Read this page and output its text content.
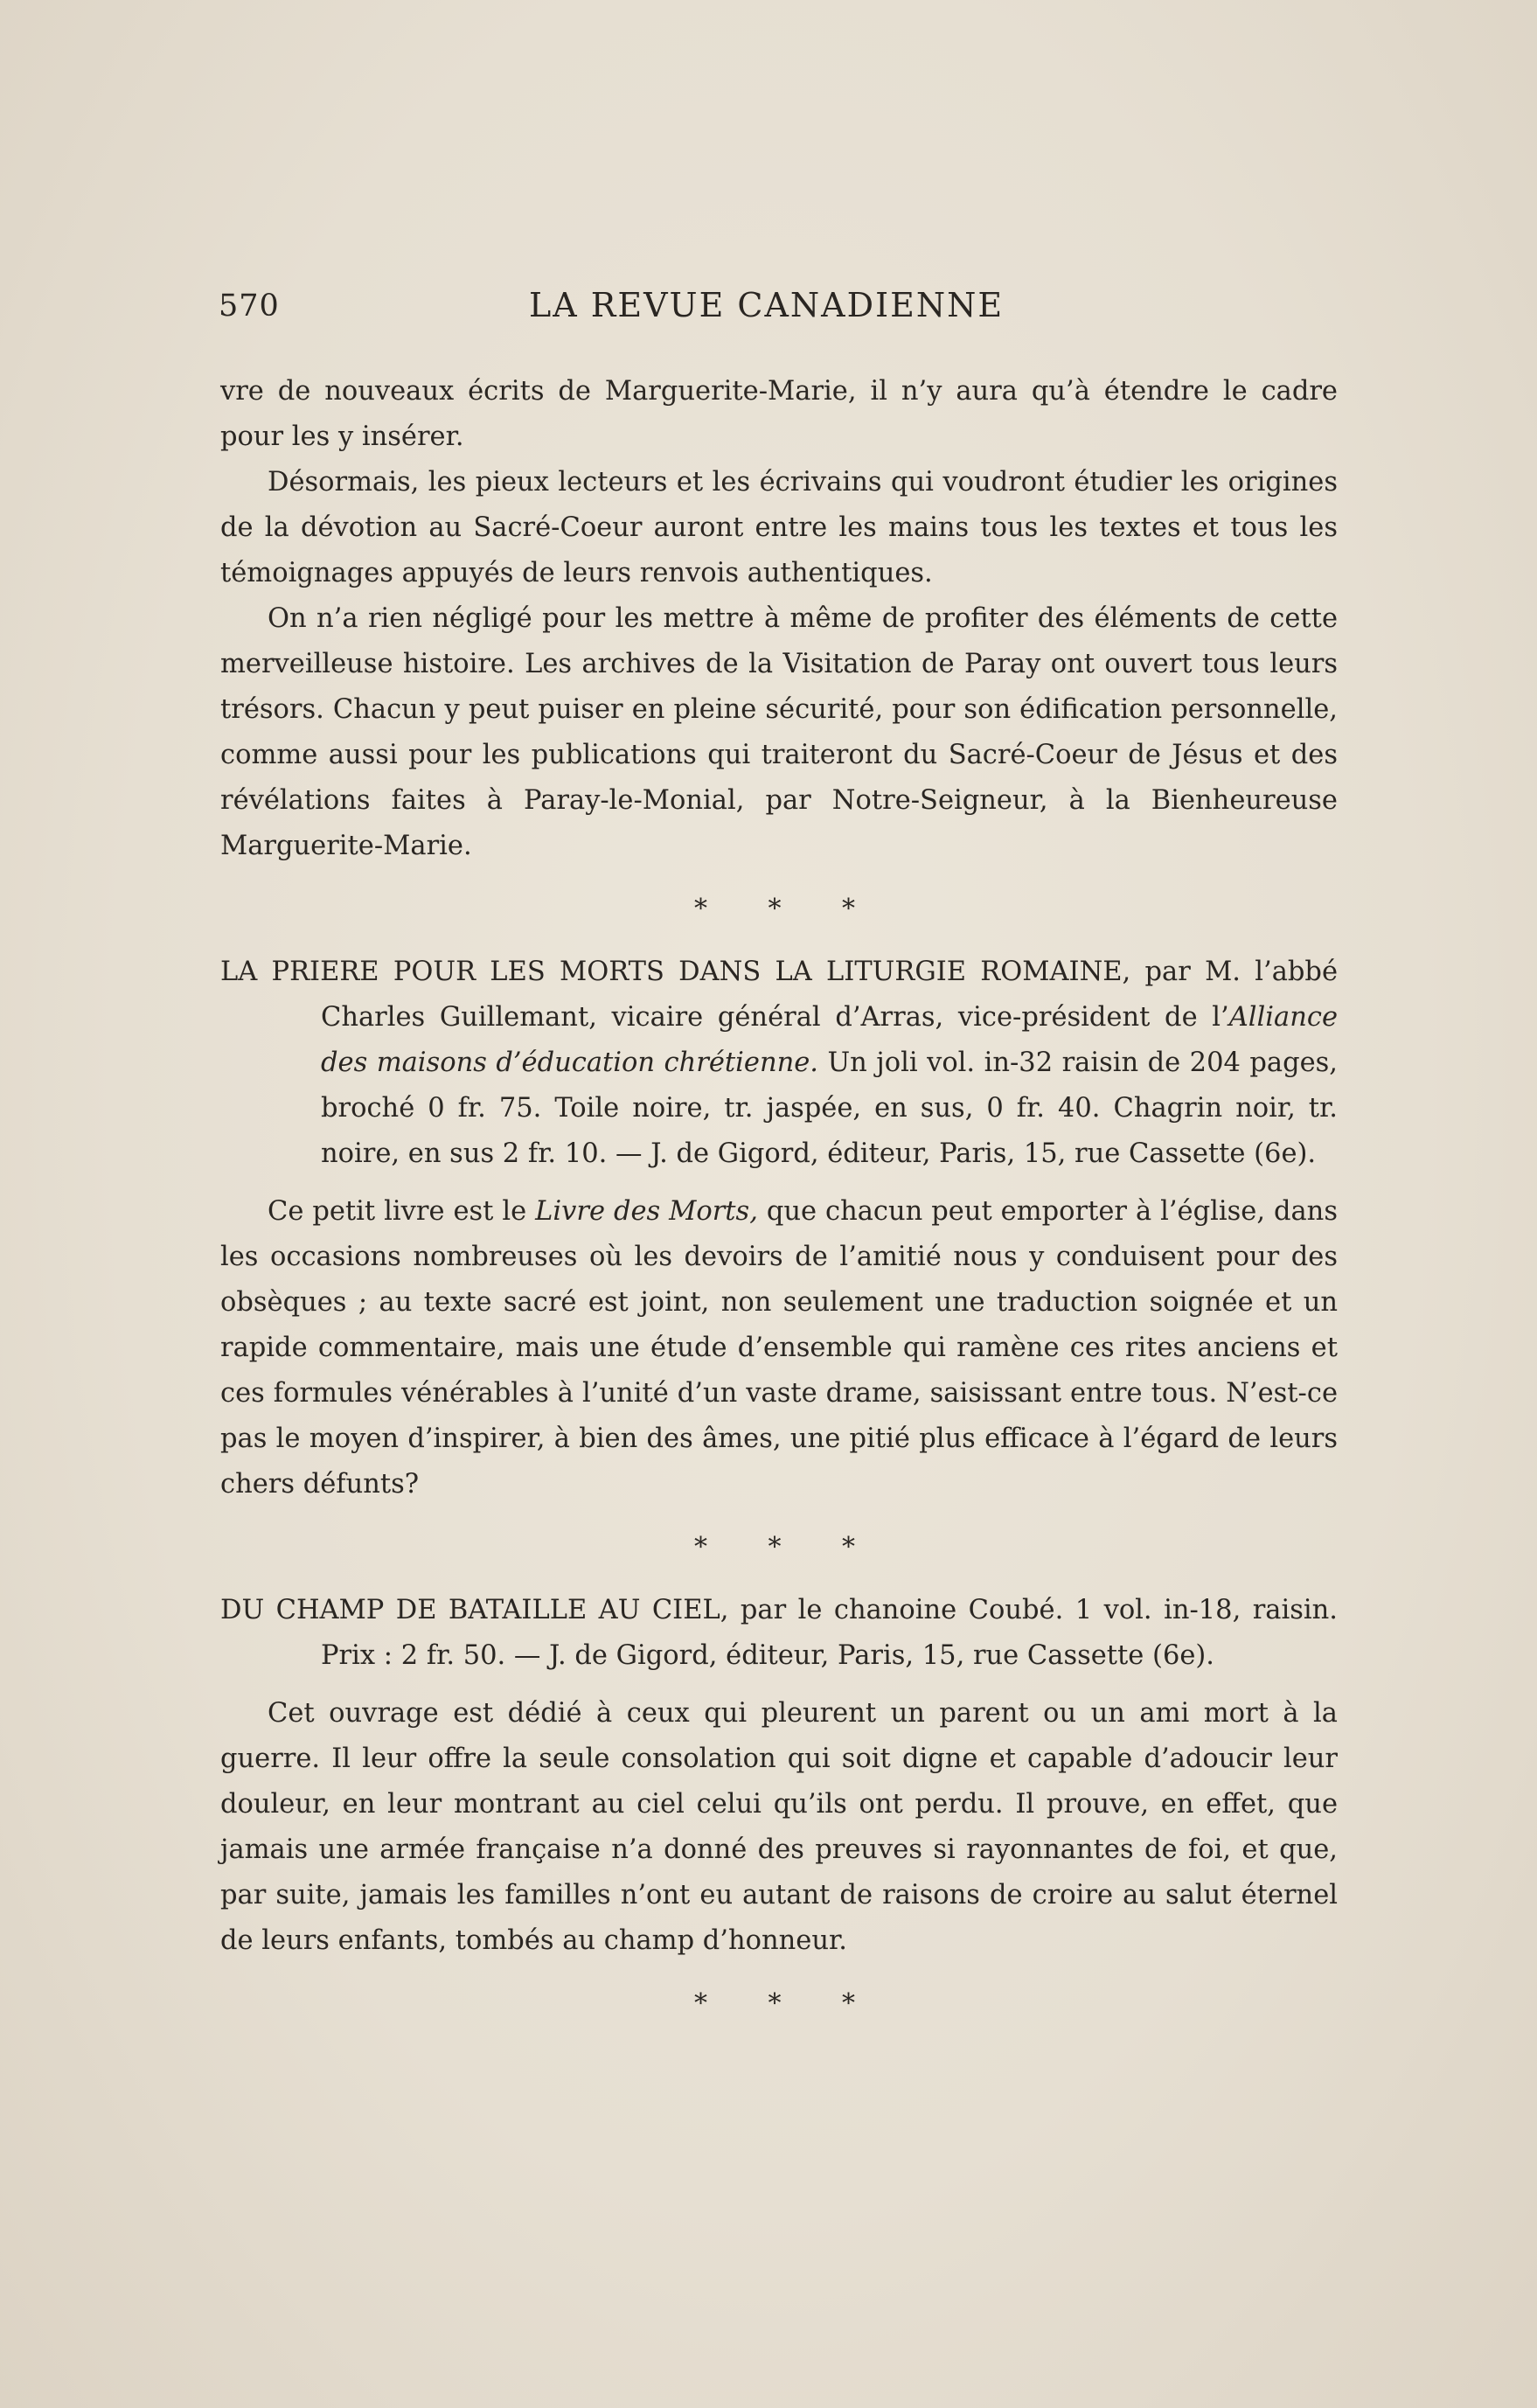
570	LA REVUE CANADIENNE

vre de nouveaux écrits de Marguerite-Marie, il n’y aura qu’à étendre le cadre pour les y insérer.

Désormais, les pieux lecteurs et les écrivains qui voudront étudier les origines de la dévotion au Sacré-Coeur auront entre les mains tous les textes et tous les témoignages appuyés de leurs renvois authentiques.

On n’a rien négligé pour les mettre à même de profiter des éléments de cette merveilleuse histoire. Les archives de la Visitation de Paray ont ouvert tous leurs trésors. Chacun y peut puiser en pleine sécurité, pour son édification personnelle, comme aussi pour les publications qui traiteront du Sacré-Coeur de Jésus et des révélations faites à Paray-le-Monial, par Notre-Seigneur, à la Bienheureuse Marguerite-Marie.

* * *

LA PRIERE POUR LES MORTS DANS LA LITURGIE ROMAINE, par M. l’abbé Charles Guillemant, vicaire général d’Arras, vice-président de l’Alliance des maisons d’éducation chrétienne. Un joli vol. in-32 raisin de 204 pages, broché 0 fr. 75. Toile noire, tr. jaspée, en sus, 0 fr. 40. Chagrin noir, tr. noire, en sus 2 fr. 10. — J. de Gigord, éditeur, Paris, 15, rue Cassette (6e).

Ce petit livre est le Livre des Morts, que chacun peut emporter à l’église, dans les occasions nombreuses où les devoirs de l’amitié nous y conduisent pour des obsèques ; au texte sacré est joint, non seulement une traduction soignée et un rapide commentaire, mais une étude d’ensemble qui ramène ces rites anciens et ces formules vénérables à l’unité d’un vaste drame, saisissant entre tous. N’est-ce pas le moyen d’inspirer, à bien des âmes, une pitié plus efficace à l’égard de leurs chers défunts?

* * *

DU CHAMP DE BATAILLE AU CIEL, par le chanoine Coubé. 1 vol. in-18, raisin. Prix : 2 fr. 50. — J. de Gigord, éditeur, Paris, 15, rue Cassette (6e).

Cet ouvrage est dédié à ceux qui pleurent un parent ou un ami mort à la guerre. Il leur offre la seule consolation qui soit digne et capable d’adoucir leur douleur, en leur montrant au ciel celui qu’ils ont perdu. Il prouve, en effet, que jamais une armée française n’a donné des preuves si rayonnantes de foi, et que, par suite, jamais les familles n’ont eu autant de raisons de croire au salut éternel de leurs enfants, tombés au champ d’honneur.

* * *
